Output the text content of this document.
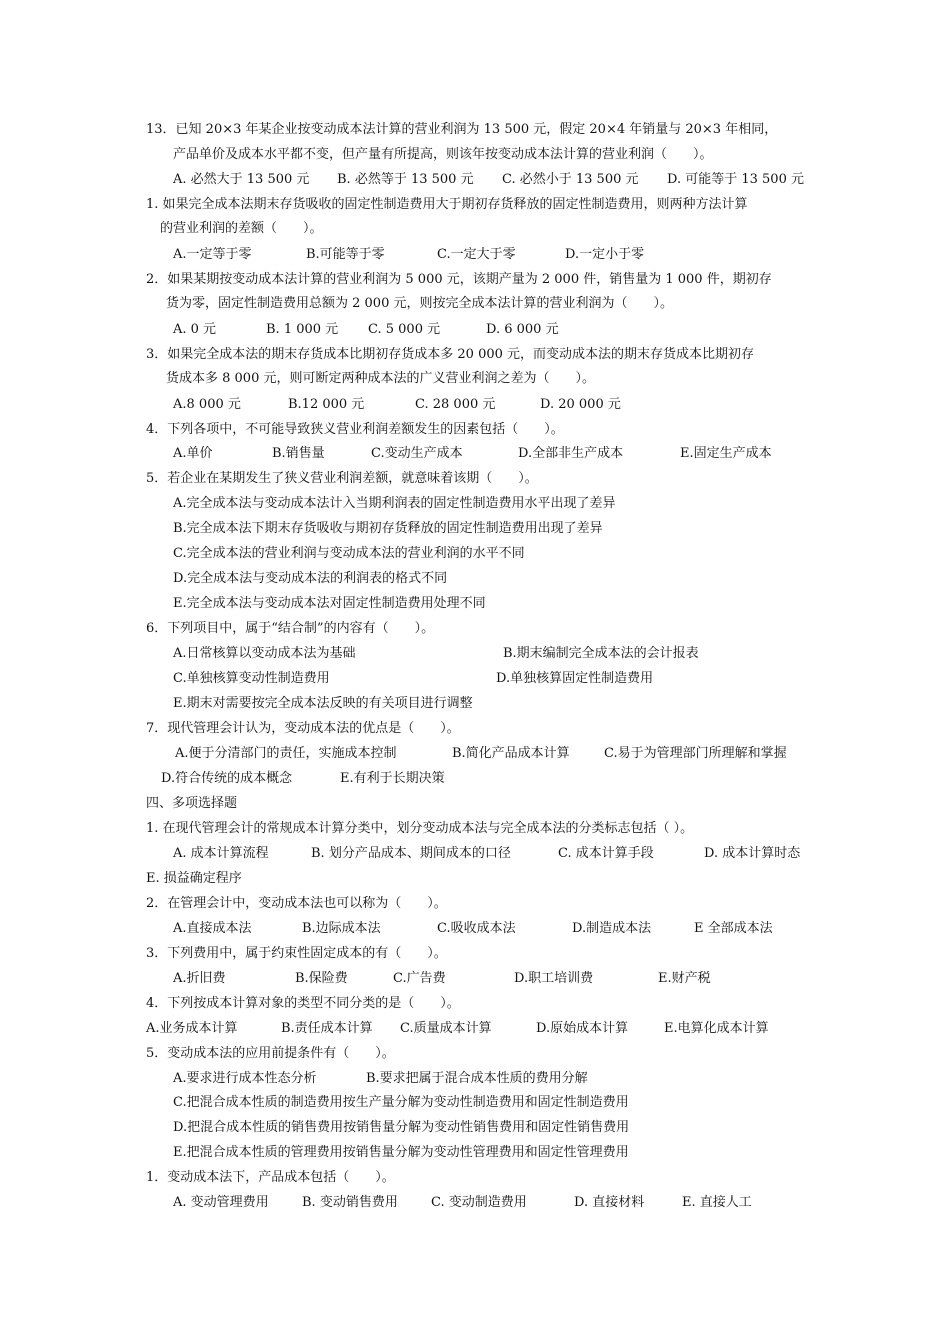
13．已知 20×3 年某企业按变动成本法计算的营业利润为 13 500 元，假定 20×4 年销量与 20×3 年相同，
产品单价及成本水平都不变，但产量有所提高，则该年按变动成本法计算的营业利润（　　）。
A. 必然大于 13 500 元 B. 必然等于 13 500 元 C. 必然小于 13 500 元 D. 可能等于 13 500 元
1. 如果完全成本法期末存货吸收的固定性制造费用大于期初存货释放的固定性制造费用，则两种方法计算
的营业利润的差额（　　）。
A.一定等于零	B.可能等于零	C.一定大于零	D.一定小于零
2．如果某期按变动成本法计算的营业利润为 5 000 元，该期产量为 2 000 件，销售量为 1 000 件，期初存
货为零，固定性制造费用总额为 2 000 元，则按完全成本法计算的营业利润为（　　）。
A. 0 元	B. 1 000 元 C. 5 000 元	D. 6 000 元
3．如果完全成本法的期末存货成本比期初存货成本多 20 000 元，而变动成本法的期末存货成本比期初存
货成本多 8 000 元，则可断定两种成本法的广义营业利润之差为（　　）。
A.8 000 元	B.12 000 元	C. 28 000 元	D. 20 000 元
4．下列各项中，不可能导致狭义营业利润差额发生的因素包括（　　）。
A.单价	B.销售量	C.变动生产成本	D.全部非生产成本	E.固定生产成本
5．若企业在某期发生了狭义营业利润差额，就意味着该期（　　）。
A.完全成本法与变动成本法计入当期利润表的固定性制造费用水平出现了差异
B.完全成本法下期末存货吸收与期初存货释放的固定性制造费用出现了差异
C.完全成本法的营业利润与变动成本法的营业利润的水平不同
D.完全成本法与变动成本法的利润表的格式不同
E.完全成本法与变动成本法对固定性制造费用处理不同
6．下列项目中，属于“结合制”的内容有（　　）。
A.日常核算以变动成本法为基础	B.期末编制完全成本法的会计报表
C.单独核算变动性制造费用	D.单独核算固定性制造费用
E.期末对需要按完全成本法反映的有关项目进行调整
7．现代管理会计认为，变动成本法的优点是（　　）。
A.便于分清部门的责任，实施成本控制	B.简化产品成本计算	C.易于为管理部门所理解和掌握
D.符合传统的成本概念	E.有利于长期决策
四、多项选择题
1. 在现代管理会计的常规成本计算分类中，划分变动成本法与完全成本法的分类标志包括（ ）。
A. 成本计算流程	B. 划分产品成本、期间成本的口径	C. 成本计算手段	D. 成本计算时态
E. 损益确定程序
2．在管理会计中，变动成本法也可以称为（　　）。
A.直接成本法	B.边际成本法	C.吸收成本法	D.制造成本法	E 全部成本法
3．下列费用中，属于约束性固定成本的有（　　）。
A.折旧费	B.保险费	C.广告费	D.职工培训费	E.财产税
4．下列按成本计算对象的类型不同分类的是（　　）。
A.业务成本计算	B.责任成本计算 C.质量成本计算	D.原始成本计算	E.电算化成本计算
5．变动成本法的应用前提条件有（　　）。
A.要求进行成本性态分析	B.要求把属于混合成本性质的费用分解
C.把混合成本性质的制造费用按生产量分解为变动性制造费用和固定性制造费用
D.把混合成本性质的销售费用按销售量分解为变动性销售费用和固定性销售费用
E.把混合成本性质的管理费用按销售量分解为变动性管理费用和固定性管理费用
1．变动成本法下，产品成本包括（　　）。
A. 变动管理费用	B. 变动销售费用	C. 变动制造费用	D. 直接材料	E. 直接人工
